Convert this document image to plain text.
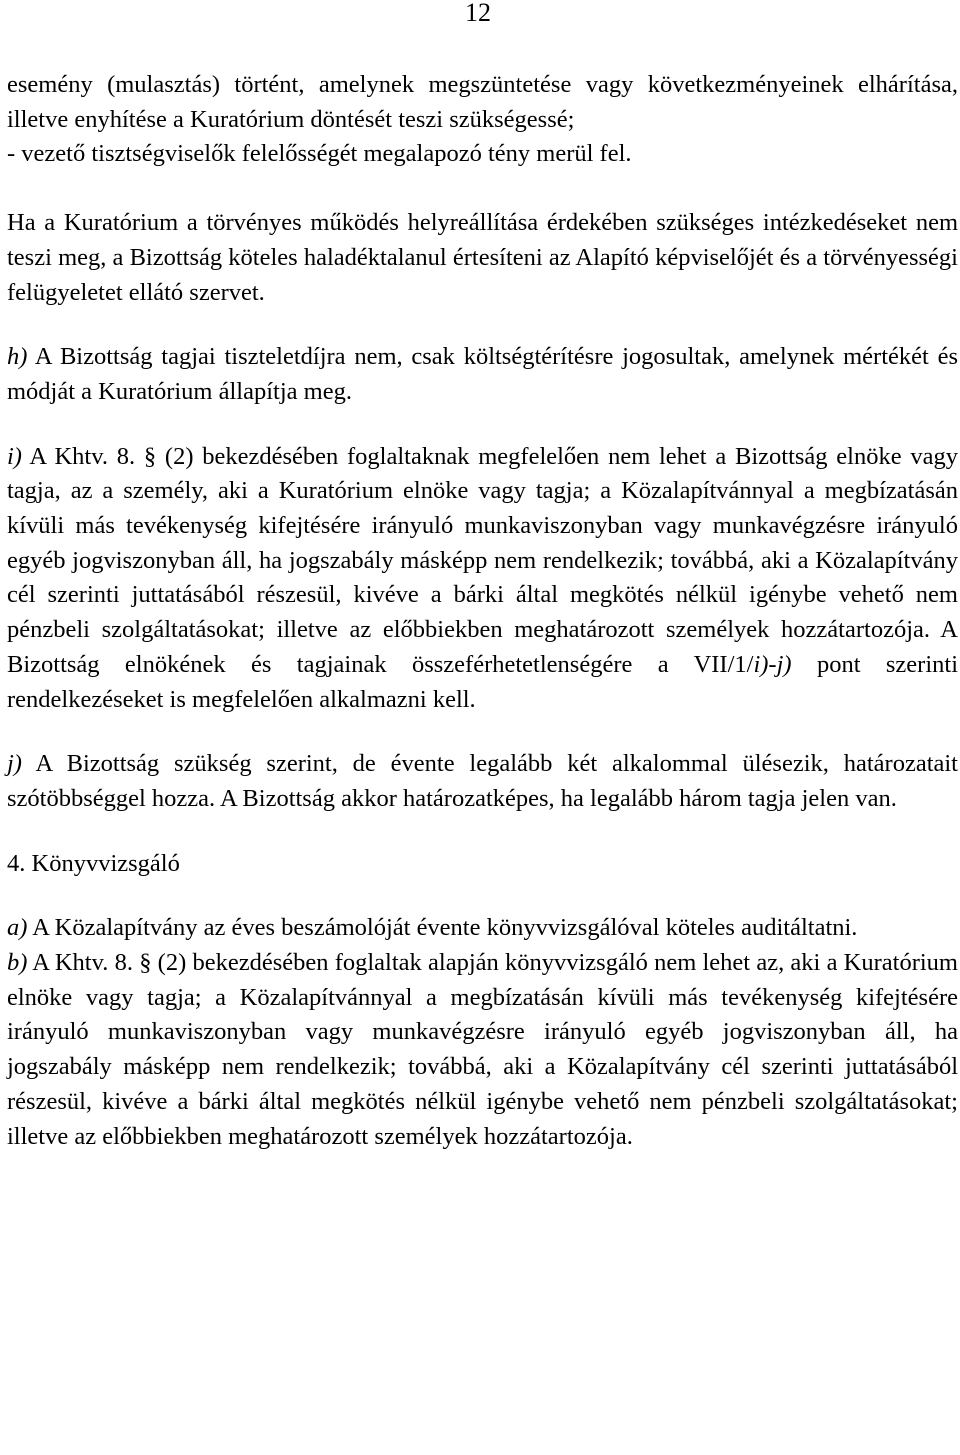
12

esemény (mulasztás) történt, amelynek megszüntetése vagy következményeinek elhárítása, illetve enyhítése a Kuratórium döntését teszi szükségessé;
- vezető tisztségviselők felelősségét megalapozó tény merül fel.

Ha a Kuratórium a törvényes működés helyreállítása érdekében szükséges intézkedéseket nem teszi meg, a Bizottság köteles haladéktalanul értesíteni az Alapító képviselőjét és a törvényességi felügyeletet ellátó szervet.

h) A Bizottság tagjai tiszteletdíjra nem, csak költségtérítésre jogosultak, amelynek mértékét és módját a Kuratórium állapítja meg.

i) A Khtv. 8. § (2) bekezdésében foglaltaknak megfelelően nem lehet a Bizottság elnöke vagy tagja, az a személy, aki a Kuratórium elnöke vagy tagja; a Közalapítvánnyal a megbízatásán kívüli más tevékenység kifejtésére irányuló munkaviszonyban vagy munkavégzésre irányuló egyéb jogviszonyban áll, ha jogszabály másképp nem rendelkezik; továbbá, aki a Közalapítvány cél szerinti juttatásából részesül, kivéve a bárki által megkötés nélkül igénybe vehető nem pénzbeli szolgáltatásokat; illetve az előbbiekben meghatározott személyek hozzátartozója. A Bizottság elnökének és tagjainak összeférhetetlenségére a VII/1/i)-j) pont szerinti rendelkezéseket is megfelelően alkalmazni kell.

j) A Bizottság szükség szerint, de évente legalább két alkalommal ülésezik, határozatait szótöbbséggel hozza. A Bizottság akkor határozatképes, ha legalább három tagja jelen van.

4. Könyvvizsgáló

a) A Közalapítvány az éves beszámolóját évente könyvvizsgálóval köteles auditáltatni.

b) A Khtv. 8. § (2) bekezdésében foglaltak alapján könyvvizsgáló nem lehet az, aki a Kuratórium elnöke vagy tagja; a Közalapítvánnyal a megbízatásán kívüli más tevékenység kifejtésére irányuló munkaviszonyban vagy munkavégzésre irányuló egyéb jogviszonyban áll, ha jogszabály másképp nem rendelkezik; továbbá, aki a Közalapítvány cél szerinti juttatásából részesül, kivéve a bárki által megkötés nélkül igénybe vehető nem pénzbeli szolgáltatásokat; illetve az előbbiekben meghatározott személyek hozzátartozója.
